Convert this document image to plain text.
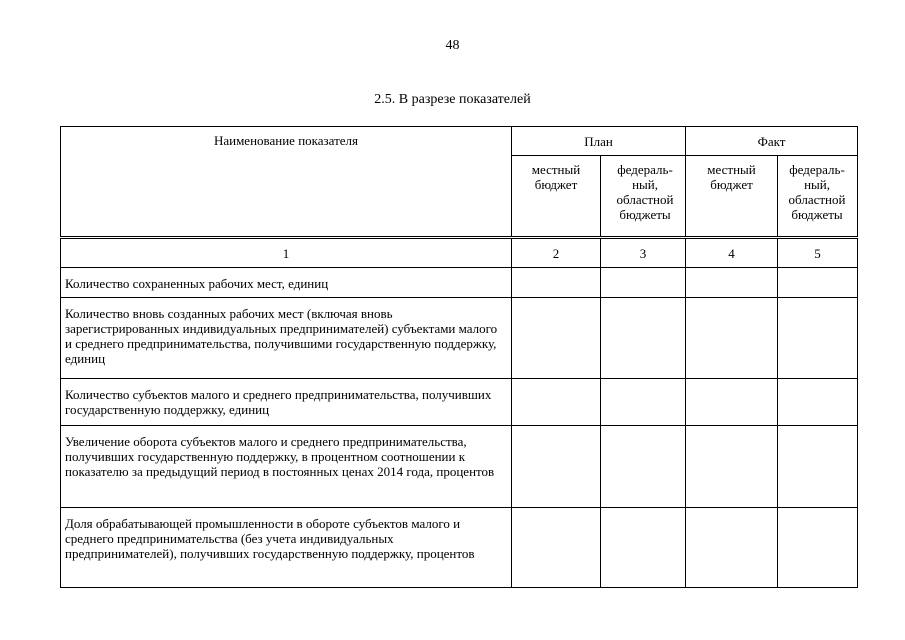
48
2.5. В разрезе показателей
Наименование показателя	План		Факт	
	местный бюджет	федераль-ный, областной бюджеты	местный бюджет	федераль-ный, областной бюджеты
1	2	3	4	5
Количество сохраненных рабочих мест, единиц				
Количество вновь созданных рабочих мест (включая вновь зарегистрированных индивидуальных предпринимателей) субъектами малого и среднего предпринимательства, получившими государственную поддержку, единиц				
Количество субъектов малого и среднего предпринимательства, получивших государственную поддержку, единиц				
Увеличение оборота субъектов малого и среднего предпринимательства, получивших государственную поддержку, в процентном соотношении к показателю за предыдущий период в постоянных ценах 2014 года, процентов				
Доля обрабатывающей промышленности в обороте субъектов малого и среднего предпринимательства (без учета индивидуальных предпринимателей), получивших государственную поддержку, процентов				
